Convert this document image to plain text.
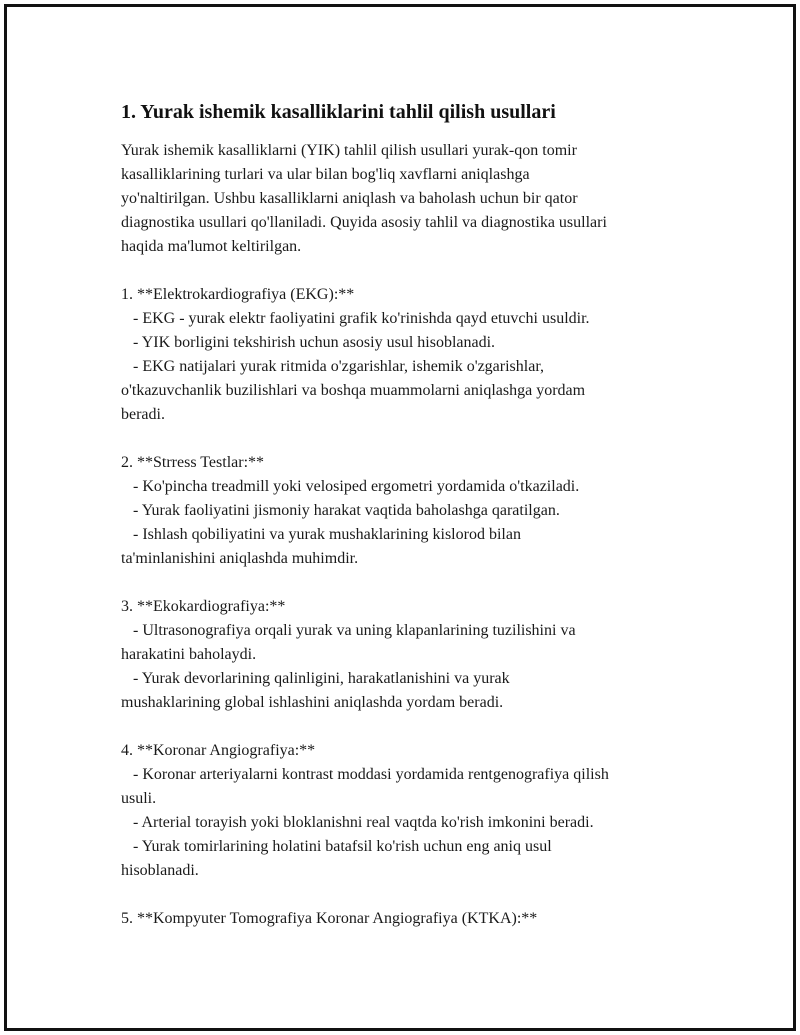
1. Yurak ishemik kasalliklarini tahlil qilish usullari
Yurak ishemik kasalliklarni (YIK) tahlil qilish usullari yurak-qon tomir
kasalliklarining turlari va ular bilan bog'liq xavflarni aniqlashga
yo'naltirilgan. Ushbu kasalliklarni aniqlash va baholash uchun bir qator
diagnostika usullari qo'llaniladi. Quyida asosiy tahlil va diagnostika usullari
haqida ma'lumot keltirilgan.
1. **Elektrokardiografiya (EKG):**
- EKG - yurak elektr faoliyatini grafik ko'rinishda qayd etuvchi usuldir.
- YIK borligini tekshirish uchun asosiy usul hisoblanadi.
- EKG natijalari yurak ritmida o'zgarishlar, ishemik o'zgarishlar,
o'tkazuvchanlik buzilishlari va boshqa muammolarni aniqlashga yordam
beradi.
2. **Strress Testlar:**
- Ko'pincha treadmill yoki velosiped ergometri yordamida o'tkaziladi.
- Yurak faoliyatini jismoniy harakat vaqtida baholashga qaratilgan.
- Ishlash qobiliyatini va yurak mushaklarining kislorod bilan
ta'minlanishini aniqlashda muhimdir.
3. **Ekokardiografiya:**
- Ultrasonografiya orqali yurak va uning klapanlarining tuzilishini va
harakatini baholaydi.
- Yurak devorlarining qalinligini, harakatlanishini va yurak
mushaklarining global ishlashini aniqlashda yordam beradi.
4. **Koronar Angiografiya:**
- Koronar arteriyalarni kontrast moddasi yordamida rentgenografiya qilish
usuli.
- Arterial torayish yoki bloklanishni real vaqtda ko'rish imkonini beradi.
- Yurak tomirlarining holatini batafsil ko'rish uchun eng aniq usul
hisoblanadi.
5. **Kompyuter Tomografiya Koronar Angiografiya (KTKA):**
